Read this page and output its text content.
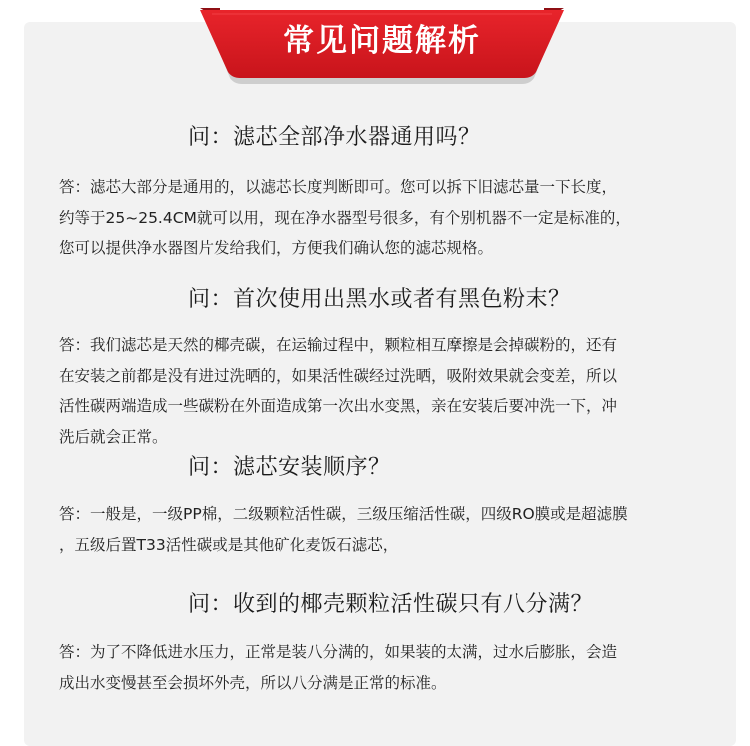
常见问题解析
问：滤芯全部净水器通用吗？
答：滤芯大部分是通用的，以滤芯长度判断即可。您可以拆下旧滤芯量一下长度，
约等于25~25.4CM就可以用，现在净水器型号很多，有个别机器不一定是标准的，
您可以提供净水器图片发给我们，方便我们确认您的滤芯规格。
问：首次使用出黑水或者有黑色粉末？
答：我们滤芯是天然的椰壳碳，在运输过程中，颗粒相互摩擦是会掉碳粉的，还有
在安装之前都是没有进过洗晒的，如果活性碳经过洗晒，吸附效果就会变差，所以
活性碳两端造成一些碳粉在外面造成第一次出水变黑，亲在安装后要冲洗一下，冲
洗后就会正常。
问：滤芯安装顺序？
答：一般是，一级PP棉，二级颗粒活性碳，三级压缩活性碳，四级RO膜或是超滤膜
，五级后置T33活性碳或是其他矿化麦饭石滤芯，
问：收到的椰壳颗粒活性碳只有八分满？
答：为了不降低进水压力，正常是装八分满的，如果装的太满，过水后膨胀，会造
成出水变慢甚至会损坏外壳，所以八分满是正常的标准。
